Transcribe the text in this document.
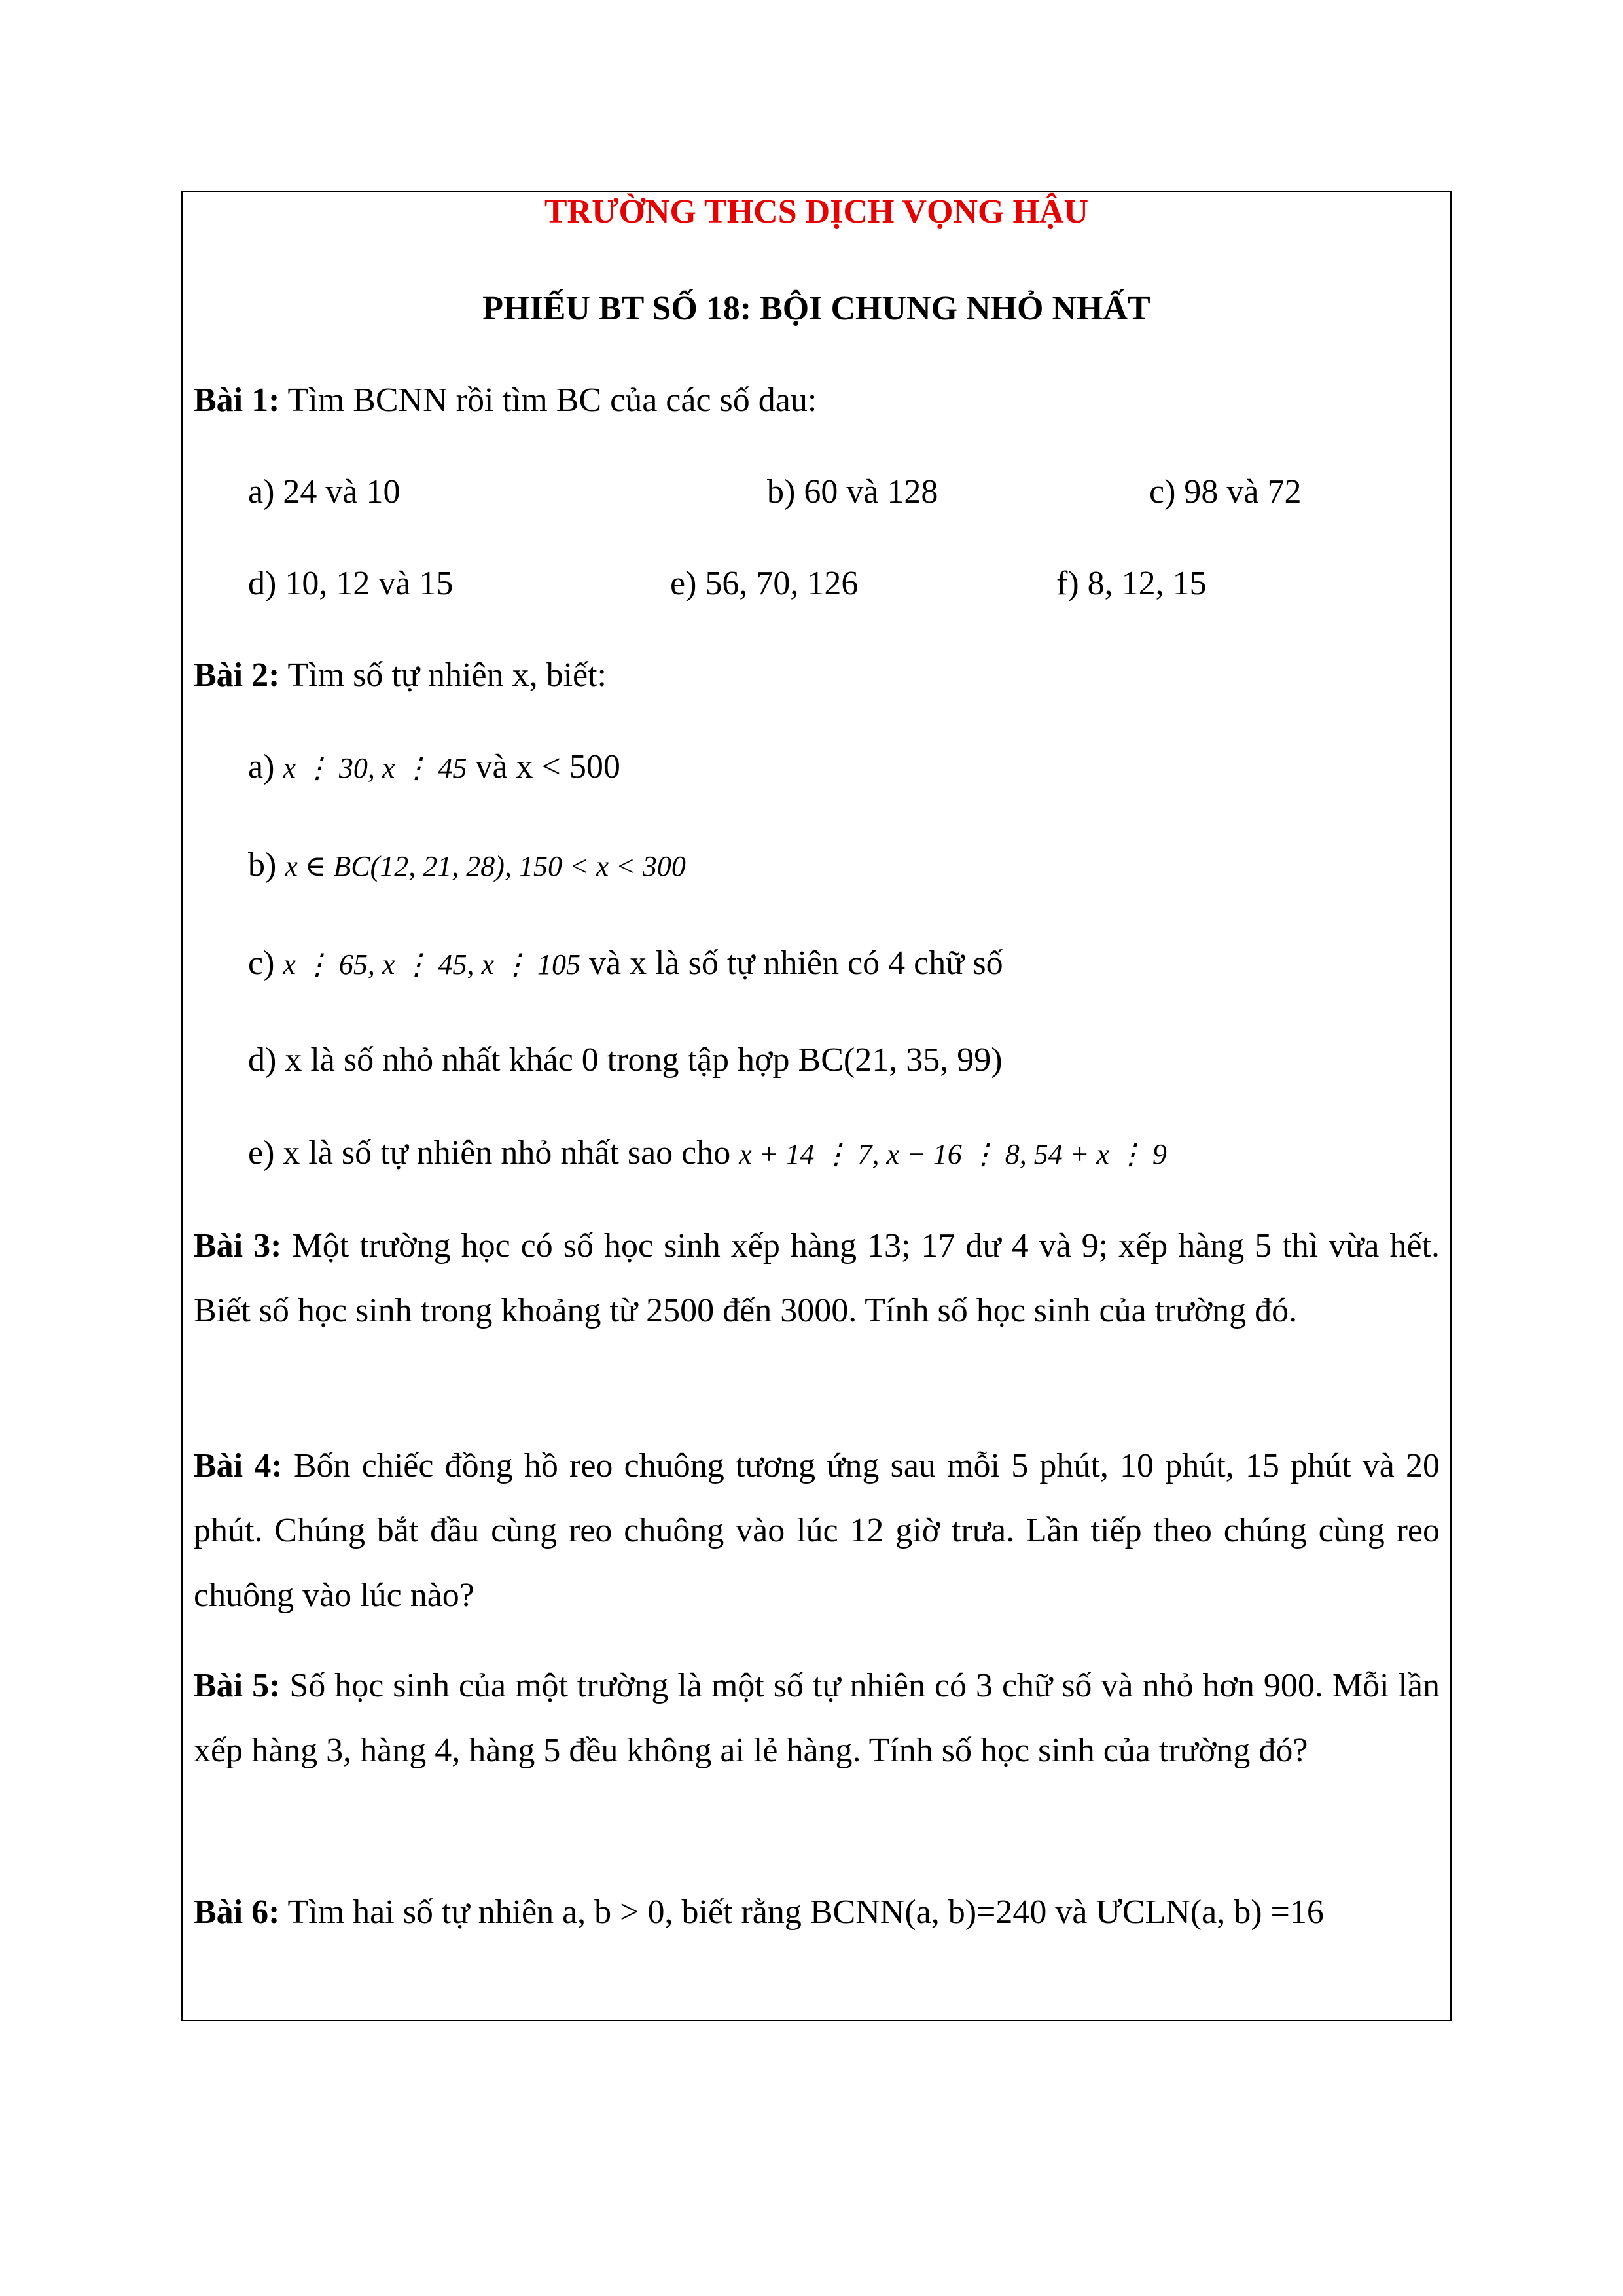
TRƯỜNG THCS DỊCH VỌNG HẬU
PHIẾU BT SỐ 18: BỘI CHUNG NHỎ NHẤT
Bài 1: Tìm BCNN rồi tìm BC của các số dau:
a) 24 và 10	b) 60 và 128	c) 98 và 72
d) 10, 12 và 15	e) 56, 70, 126	f) 8, 12, 15
Bài 2: Tìm số tự nhiên x, biết:
a) x ⋮ 30, x ⋮ 45 và x < 500
b) x ∈ BC(12, 21, 28), 150 < x < 300
c) x ⋮ 65, x ⋮ 45, x ⋮ 105 và x là số tự nhiên có 4 chữ số
d) x là số nhỏ nhất khác 0 trong tập hợp BC(21, 35, 99)
e) x là số tự nhiên nhỏ nhất sao cho x + 14 ⋮ 7, x − 16 ⋮ 8, 54 + x ⋮ 9
Bài 3: Một trường học có số học sinh xếp hàng 13; 17 dư 4 và 9; xếp hàng 5 thì vừa hết. Biết số học sinh trong khoảng từ 2500 đến 3000. Tính số học sinh của trường đó.
Bài 4: Bốn chiếc đồng hồ reo chuông tương ứng sau mỗi 5 phút, 10 phút, 15 phút và 20 phút. Chúng bắt đầu cùng reo chuông vào lúc 12 giờ trưa. Lần tiếp theo chúng cùng reo chuông vào lúc nào?
Bài 5: Số học sinh của một trường là một số tự nhiên có 3 chữ số và nhỏ hơn 900. Mỗi lần xếp hàng 3, hàng 4, hàng 5 đều không ai lẻ hàng. Tính số học sinh của trường đó?
Bài 6: Tìm hai số tự nhiên a, b > 0, biết rằng BCNN(a, b)=240 và ƯCLN(a, b) =16
